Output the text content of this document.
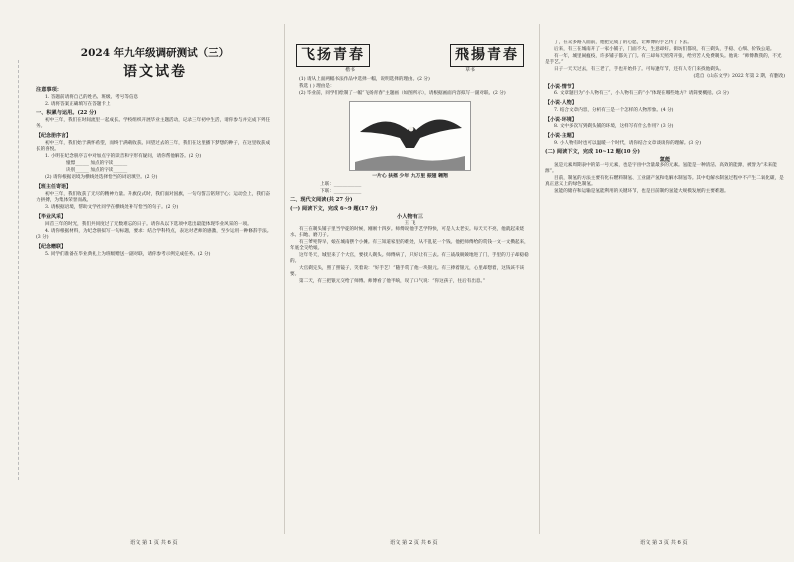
2024 年九年级调研测试（三）
语文试卷
注意事项：

1. 答题前请将自己的姓名、班级、考号等信息

2. 请将答案正确填写在答题卡上

一、积累与运用。(22 分)

初中三年，我们在时间流里一起成长。学校组织开展毕业主题活动，记录三年初中生活，请你参与并完成下列任务。

【纪念册序言】

初中三年，我们始于满怀希望，而终于满载收获。回望过去的三年，我们在这里播下梦想的种子，在这里收获成长的喜悦。

1. 小明在纪念册序言中对加点字的读音和字形有疑问，请你帮他解答。(2 分)

憧憬______ 加点的字读______
诀别______ 加点的字读______

(2) 请你根据语境为横线处选择恰当的词语填空。(2 分)

【班主任寄语】

初中三年，我们收获了无尽的精神力量。升旗仪式时，我们面对国旗，一句句誓言铭刻于心；运动会上，我们奋力拼搏，为集体荣誉而战。

3. 请根据语境，帮助文学社同学在横线处补写恰当的句子。(2 分)

【毕业风采】

回首三年的时光，我们共同度过了无数难忘的日子。请你从以下选项中选出最能体现毕业风采的一项。

4. 请你根据材料，为纪念册拟写一句标题，要求：结合学科特点，表达对老师的感激，至少运用一种修辞手法。(3 分)

【纪念赠联】

5. 同学们准备在毕业典礼上为班级赠送一副对联，请你参考示例完成任务。(2 分)

飞扬青春	飛揚青春
楷书	草书

(1) 请从上面两幅书法作品中选择一幅，说明选择的理由。(2 分)

我选 ( ) 理由是：

(2) 毕业前，同学们绘制了一幅“飞扬青春”主题画（如图所示），请根据画面内容拟写一副对联。(2 分)

一片心 扶摇 少年 九万里 振翅 翱翔
上联：____________
下联：____________
二、现代文阅读(共 27 分)
(一) 阅读下文，完成 6~9 题(17 分)
小人物有三
王 飞

有三在剃头铺子里当学徒的时候，刚刚十四岁。师傅说他手艺学得快，可是人太老实。每天天不亮，他就起来烧水、扫地、磨刀子。

有三爹死得早，娘在城南摆个小摊。有三知道家里的难处，从不乱花一个钱。他把师傅给的赏钱一文一文攒起来，年底全交给娘。

这年冬天，城里来了个大官，要找人剃头。师傅病了，只好让有三去。有三战战兢兢地进了门，手里的刀子却稳稳的。

大官剃完头，照了照镜子，笑着说：“好手艺！”随手赏了他一块银元。有三捧着银元，心里却想着，这钱该不该要。

第二天，有三把银元交给了师傅。师傅看了他半晌，叹了口气说：“你这孩子，往后有出息。”

了，在众多路人面前，他把完成了的心愿，让师傅的手艺传了下去。

后来，有三在城南开了一家小铺子，门面不大，生意却好。街坊们都说，有三剃头，手稳、心细、价钱公道。

有一年，城里闹瘟疫，许多铺子都关了门。有三却每天照常开张，给穷苦人免费剃头。他说：“师傅教我的，不光是手艺。”

日子一天天过去，有三老了，手也开始抖了。可每逢年节，还有人专门来找他剃头。

(选自《山东文学》2022 年第 2 期，有删改)
【小说·情节】

6. 文章题目为“小人物有三”，小人物有三的“小”体现在哪些地方？请简要概括。(3 分)

【小说·人物】

7. 结合文章内容，分析有三是一个怎样的人物形象。(4 分)

【小说·环境】

8. 文中多次写到剃头铺的环境，这样写有什么作用？(3 分)

【小说·主题】

9. 小人物有时也可以温暖一个时代，请你结合文章谈谈你的理解。(3 分)

(二) 阅读下文，完成 10~12 题(10 分)
氢能

氢是元素周期表中的第一号元素，也是宇宙中含量最多的元素。氢能是一种清洁、高效的能源，被誉为“未来能源”。

目前，制氢的方法主要有化石燃料制氢、工业副产氢和电解水制氢等。其中电解水制氢过程中不产生二氧化碳，是真正意义上的绿色制氢。

氢能的储存和运输是氢能利用的关键环节，也是目前制约氢能大规模发展的主要难题。

语文 第 1 页 共 6 页	语文 第 2 页 共 6 页	语文 第 3 页 共 6 页
